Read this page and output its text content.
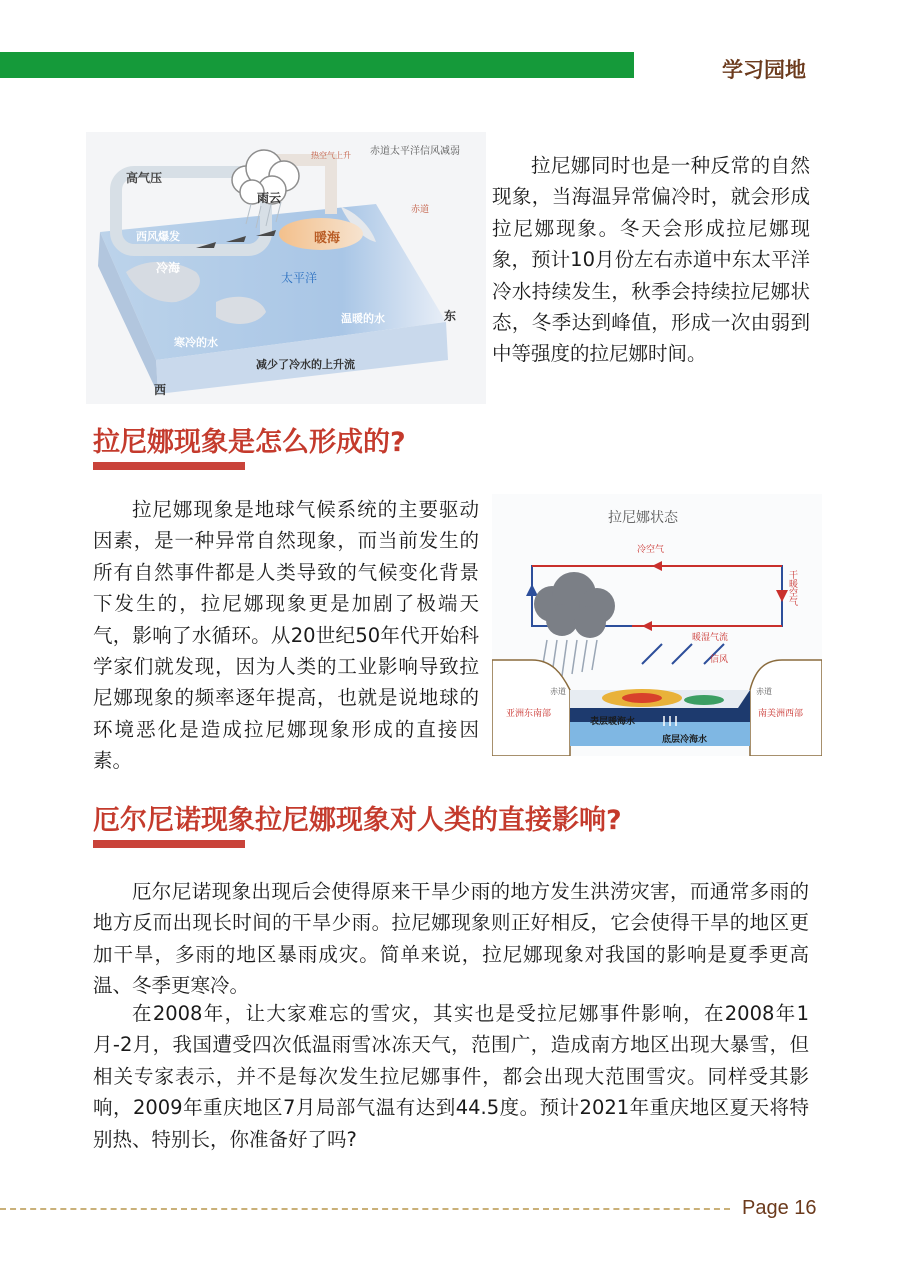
学习园地
高气压
雨云
热空气上升 赤道太平洋信风减弱
西风爆发
赤道
暖海
冷海
太平洋
温暖的水
寒冷的水
减少了冷水的上升流
西
东

拉尼娜同时也是一种反常的自然现象，当海温异常偏冷时，就会形成拉尼娜现象。冬天会形成拉尼娜现象，预计10月份左右赤道中东太平洋冷水持续发生，秋季会持续拉尼娜状态，冬季达到峰值，形成一次由弱到中等强度的拉尼娜时间。

拉尼娜现象是怎么形成的?

拉尼娜现象是地球气候系统的主要驱动因素，是一种异常自然现象，而当前发生的所有自然事件都是人类导致的气候变化背景下发生的，拉尼娜现象更是加剧了极端天气，影响了水循环。从20世纪50年代开始科学家们就发现，因为人类的工业影响导致拉尼娜现象的频率逐年提高，也就是说地球的环境恶化是造成拉尼娜现象形成的直接因素。

拉尼娜状态
冷空气
干暖空气
暖湿气流
信风
表层暖海水
底层冷海水
亚洲东南部	南美洲西部
赤道	赤道
厄尔尼诺现象拉尼娜现象对人类的直接影响?

厄尔尼诺现象出现后会使得原来干旱少雨的地方发生洪涝灾害，而通常多雨的地方反而出现长时间的干旱少雨。拉尼娜现象则正好相反，它会使得干旱的地区更加干旱，多雨的地区暴雨成灾。简单来说，拉尼娜现象对我国的影响是夏季更高温、冬季更寒冷。

在2008年，让大家难忘的雪灾，其实也是受拉尼娜事件影响，在2008年1月-2月，我国遭受四次低温雨雪冰冻天气，范围广，造成南方地区出现大暴雪，但相关专家表示，并不是每次发生拉尼娜事件，都会出现大范围雪灾。同样受其影响，2009年重庆地区7月局部气温有达到44.5度。预计2021年重庆地区夏天将特别热、特别长，你准备好了吗?

Page 16
